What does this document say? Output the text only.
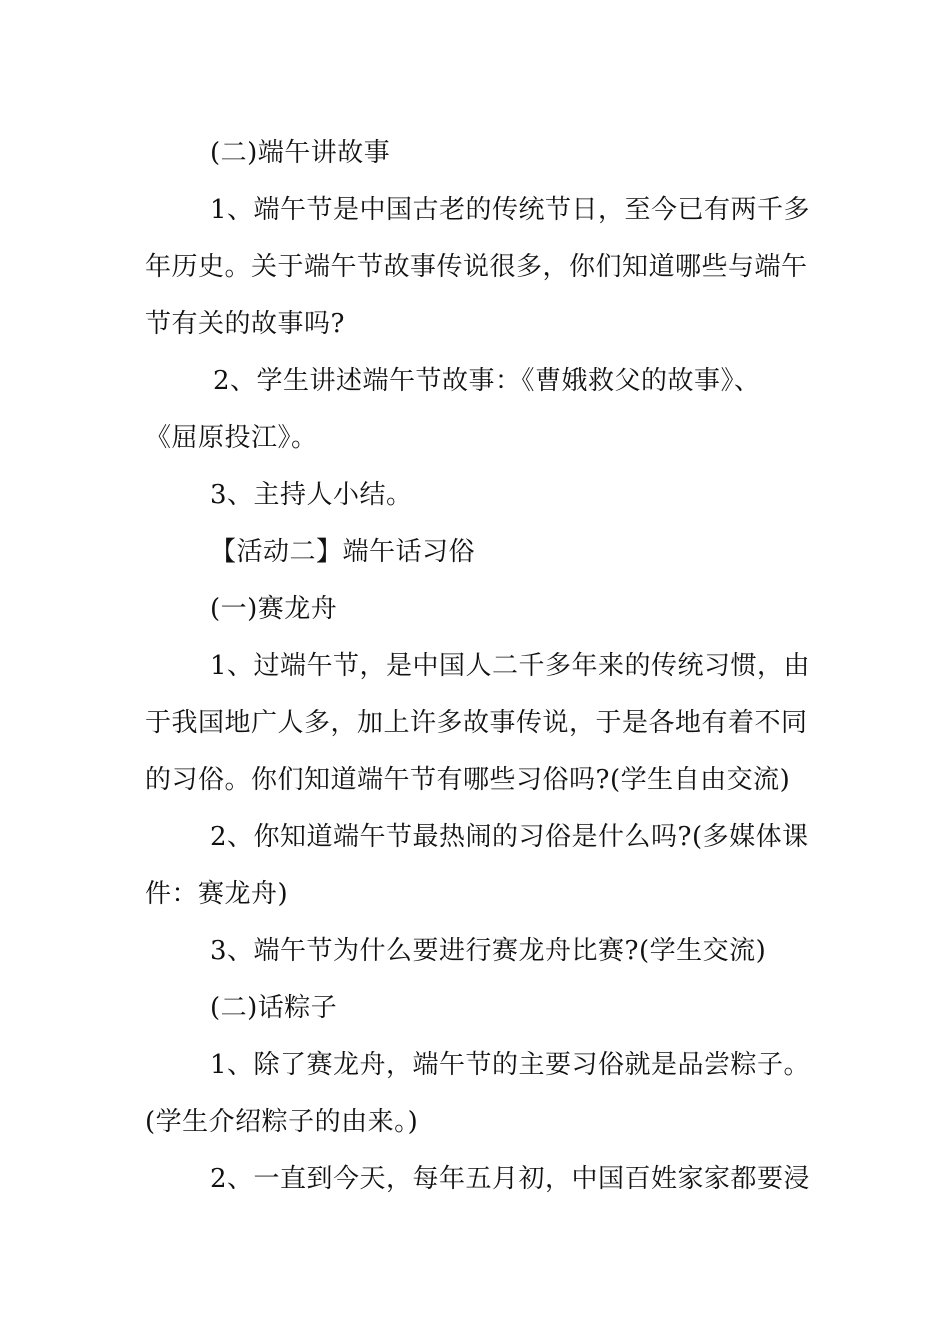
(二)端午讲故事
1、端午节是中国古老的传统节日，至今已有两千多
年历史。关于端午节故事传说很多，你们知道哪些与端午
节有关的故事吗?
2、学生讲述端午节故事：《曹娥救父的故事》、
《屈原投江》。
3、主持人小结。
【活动二】端午话习俗
(一)赛龙舟
1、过端午节，是中国人二千多年来的传统习惯，由
于我国地广人多，加上许多故事传说，于是各地有着不同
的习俗。你们知道端午节有哪些习俗吗?(学生自由交流)
2、你知道端午节最热闹的习俗是什么吗?(多媒体课
件：赛龙舟)
3、端午节为什么要进行赛龙舟比赛?(学生交流)
(二)话粽子
1、除了赛龙舟，端午节的主要习俗就是品尝粽子。
(学生介绍粽子的由来。)
2、一直到今天，每年五月初，中国百姓家家都要浸
